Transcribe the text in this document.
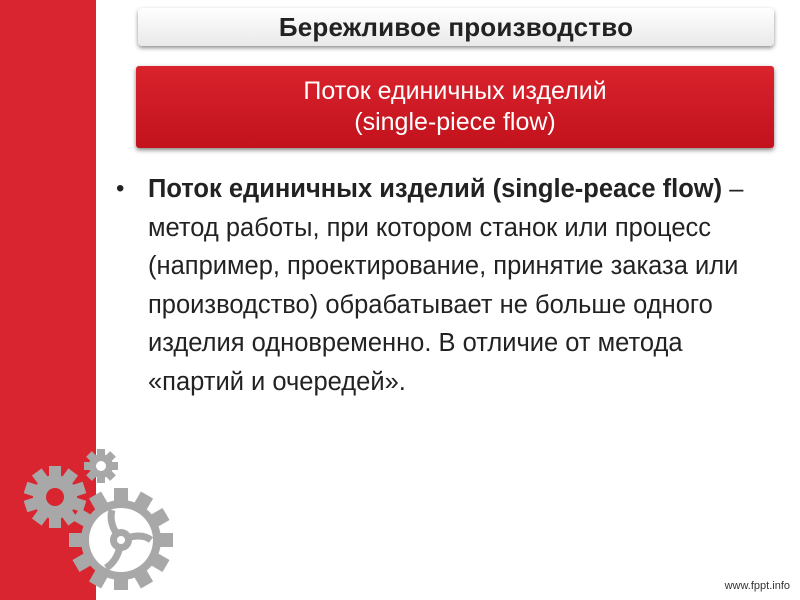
Бережливое производство
Поток единичных изделий
(single-piece flow)
• Поток единичных изделий (single-peace flow) – метод работы, при котором станок или процесс (например, проектирование, принятие заказа или производство) обрабатывает не больше одного изделия одновременно. В отличие от метода «партий и очередей».
www.fppt.info
